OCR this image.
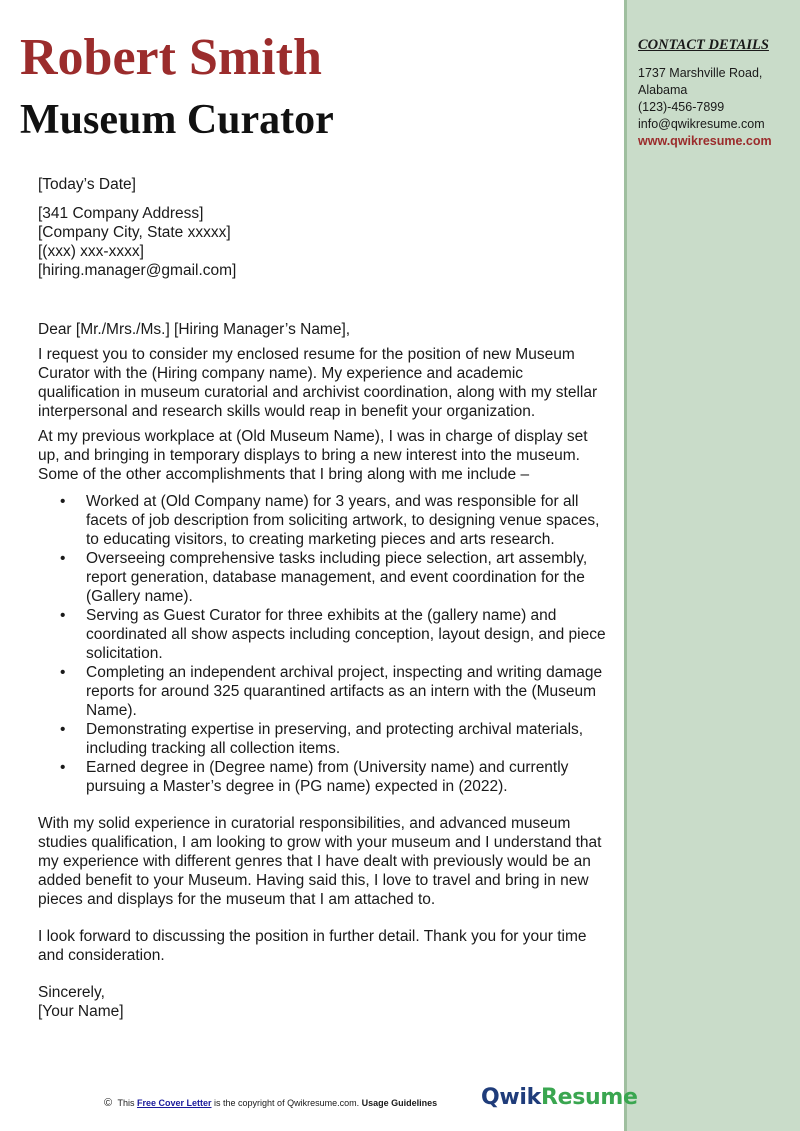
CONTACT DETAILS
1737 Marshville Road,
Alabama
(123)-456-7899
info@qwikresume.com
www.qwikresume.com
Robert Smith
Museum Curator

[Today’s Date]

[341 Company Address]

[Company City, State xxxxx]

[(xxx) xxx-xxxx]

[hiring.manager@gmail.com]

Dear [Mr./Mrs./Ms.] [Hiring Manager’s Name],

I request you to consider my enclosed resume for the position of new Museum Curator with the (Hiring company name). My experience and academic qualification in museum curatorial and archivist coordination, along with my stellar interpersonal and research skills would reap in benefit your organization.

At my previous workplace at (Old Museum Name), I was in charge of display set up, and bringing in temporary displays to bring a new interest into the museum. Some of the other accomplishments that I bring along with me include –

• Worked at (Old Company name) for 3 years, and was responsible for all facets of job description from soliciting artwork, to designing venue spaces, to educating visitors, to creating marketing pieces and arts research.
• Overseeing comprehensive tasks including piece selection, art assembly, report generation, database management, and event coordination for the (Gallery name).
• Serving as Guest Curator for three exhibits at the (gallery name) and coordinated all show aspects including conception, layout design, and piece solicitation.
• Completing an independent archival project, inspecting and writing damage reports for around 325 quarantined artifacts as an intern with the (Museum Name).
• Demonstrating expertise in preserving, and protecting archival materials, including tracking all collection items.
• Earned degree in (Degree name) from (University name) and currently pursuing a Master’s degree in (PG name) expected in (2022).

With my solid experience in curatorial responsibilities, and advanced museum studies qualification, I am looking to grow with your museum and I understand that my experience with different genres that I have dealt with previously would be an added benefit to your Museum. Having said this, I love to travel and bring in new pieces and displays for the museum that I am attached to.

I look forward to discussing the position in further detail. Thank you for your time and consideration.

Sincerely,

[Your Name]

© This Free Cover Letter is the copyright of Qwikresume.com. Usage Guidelines QwikResume
